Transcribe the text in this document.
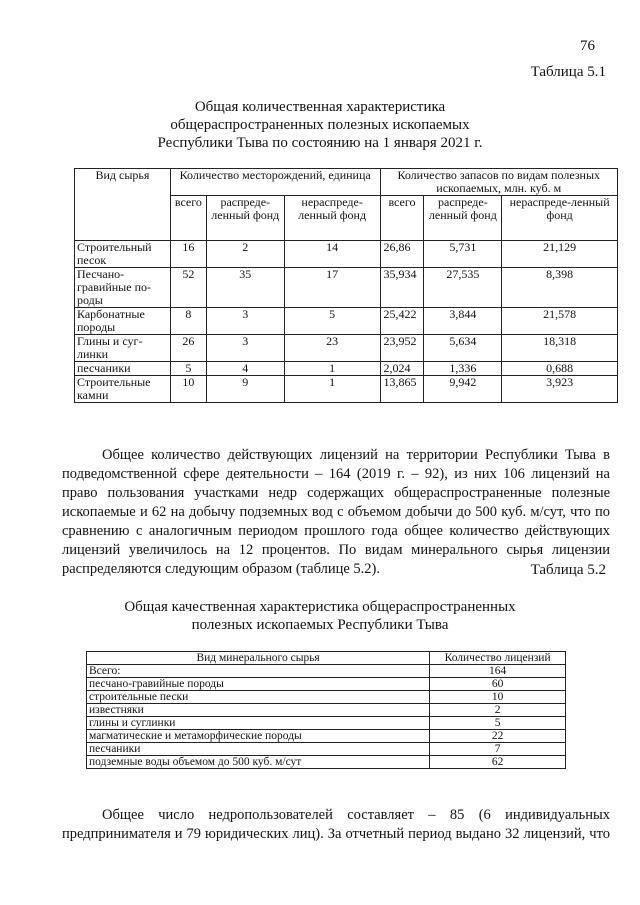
76
Таблица 5.1
Общая количественная характеристика
общераспространенных полезных ископаемых
Республики Тыва по состоянию на 1 января 2021 г.
Вид сырья	Количество месторождений, единица			Количество запасов по видам полезных ископаемых, млн. куб. м		
	всего	распреде-ленный фонд	нераспреде-ленный фонд	всего	распреде-ленный фонд	нераспреде-ленный фонд
Строительный песок	16	2	14	26,86	5,731	21,129
Песчано-гравийные по-роды	52	35	17	35,934	27,535	8,398
Карбонатные породы	8	3	5	25,422	3,844	21,578
Глины и суг-линки	26	3	23	23,952	5,634	18,318
песчаники	5	4	1	2,024	1,336	0,688
Строительные камни	10	9	1	13,865	9,942	3,923

Общее количество действующих лицензий на территории Республики Тыва в подведомственной сфере деятельности – 164 (2019 г. – 92), из них 106 лицензий на право пользования участками недр содержащих общераспространенные полезные ископаемые и 62 на добычу подземных вод с объемом добычи до 500 куб. м/сут, что по сравнению с аналогичным периодом прошлого года общее количество действующих лицензий увеличилось на 12 процентов. По видам минерального сырья лицензии распределяются следующим образом (таблице 5.2).	Таблица 5.2
Общая качественная характеристика общераспространенных
полезных ископаемых Республики Тыва
Вид минерального сырья	Количество лицензий
Всего:	164
песчано-гравийные породы	60
строительные пески	10
известняки	2
глины и суглинки	5
магматические и метаморфические породы	22
песчаники	7
подземные воды объемом до 500 куб. м/сут	62

Общее число недропользователей составляет – 85 (6 индивидуальных предпринимателя и 79 юридических лиц). За отчетный период выдано 32 лицензий, что
